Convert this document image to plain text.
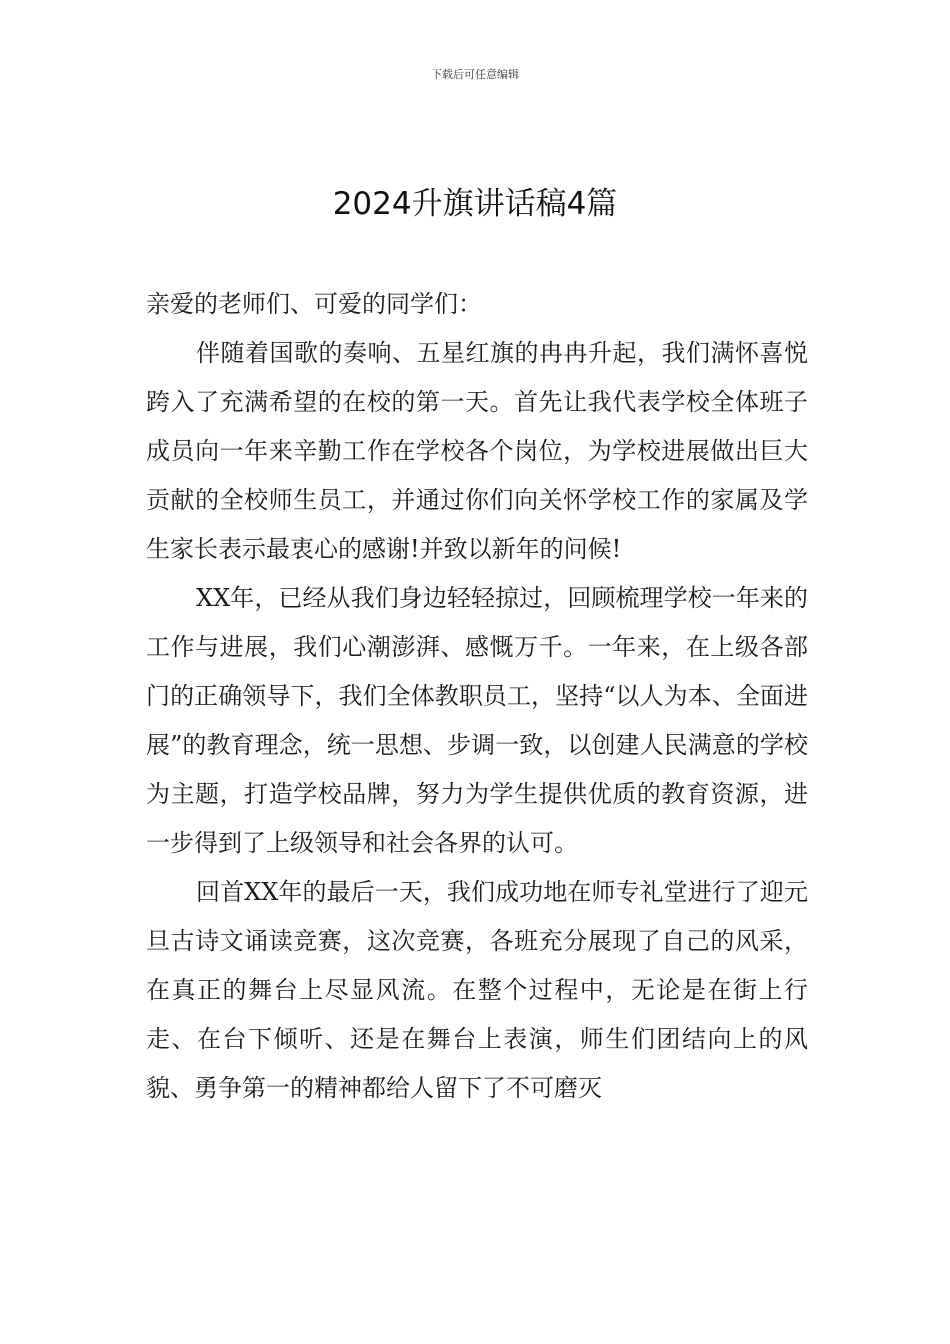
下载后可任意编辑
2024升旗讲话稿4篇

亲爱的老师们、可爱的同学们：

伴随着国歌的奏响、五星红旗的冉冉升起，我们满怀喜悦跨入了充满希望的在校的第一天。首先让我代表学校全体班子成员向一年来辛勤工作在学校各个岗位，为学校进展做出巨大贡献的全校师生员工，并通过你们向关怀学校工作的家属及学生家长表示最衷心的感谢!并致以新年的问候!

XX年，已经从我们身边轻轻掠过，回顾梳理学校一年来的工作与进展，我们心潮澎湃、感慨万千。一年来，在上级各部门的正确领导下，我们全体教职员工，坚持“以人为本、全面进展”的教育理念，统一思想、步调一致，以创建人民满意的学校为主题，打造学校品牌，努力为学生提供优质的教育资源，进一步得到了上级领导和社会各界的认可。

回首XX年的最后一天，我们成功地在师专礼堂进行了迎元旦古诗文诵读竞赛，这次竞赛，各班充分展现了自己的风采，在真正的舞台上尽显风流。在整个过程中，无论是在街上行走、在台下倾听、还是在舞台上表演，师生们团结向上的风貌、勇争第一的精神都给人留下了不可磨灭
